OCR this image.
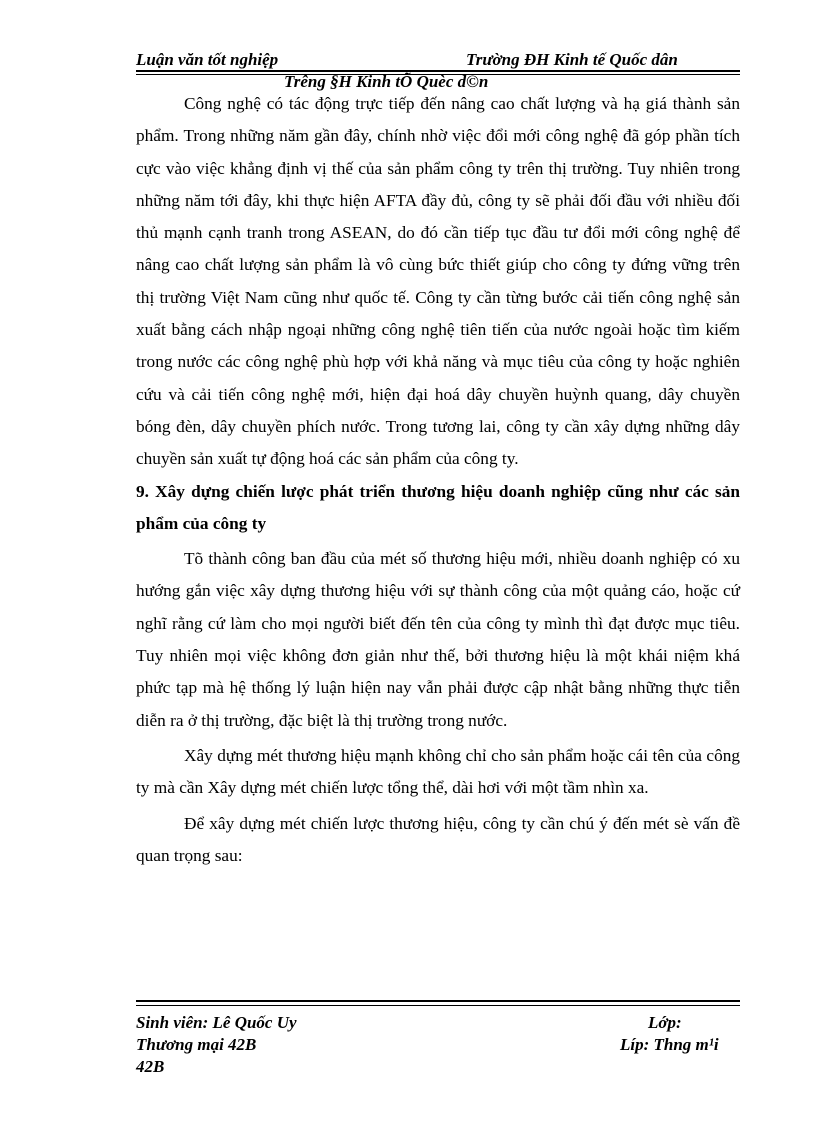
Luận văn tốt nghiệp	Trường ĐH Kinh tế Quốc dân
Trêng §H Kinh tÕ Quèc d©n

Công nghệ có tác động trực tiếp đến nâng cao chất lượng và hạ giá thành sản phẩm. Trong những năm gần đây, chính nhờ việc đổi mới công nghệ đã góp phần tích cực vào việc khẳng định vị thế của sản phẩm công ty trên thị trường. Tuy nhiên trong những năm tới đây, khi thực hiện AFTA đầy đủ, công ty sẽ phải đối đầu với nhiều đối thủ mạnh cạnh tranh trong ASEAN, do đó cần tiếp tục đầu tư đổi mới công nghệ để nâng cao chất lượng sản phẩm là vô cùng bức thiết giúp cho công ty đứng vững trên thị trường Việt Nam cũng như quốc tế. Công ty cần từng bước cải tiến công nghệ sản xuất bằng cách nhập ngoại những công nghệ tiên tiến của nước ngoài hoặc tìm kiếm trong nước các công nghệ phù hợp với khả năng và mục tiêu của công ty hoặc nghiên cứu và cải tiến công nghệ mới, hiện đại hoá dây chuyền huỳnh quang, dây chuyền bóng đèn, dây chuyền phích nước. Trong tương lai, công ty cần xây dựng những dây chuyền sản xuất tự động hoá các sản phẩm của công ty.

9. Xây dựng chiến lược phát triển thương hiệu doanh nghiệp cũng như các sản phẩm của công ty

Tõ thành công ban đầu của mét số thương hiệu mới, nhiều doanh nghiệp có xu hướng gắn việc xây dựng thương hiệu với sự thành công của một quảng cáo, hoặc cứ nghĩ rằng cứ làm cho mọi người biết đến tên của công ty mình thì đạt được mục tiêu. Tuy nhiên mọi việc không đơn giản như thế, bởi thương hiệu là một khái niệm khá phức tạp mà hệ thống lý luận hiện nay vẫn phải được cập nhật bằng những thực tiễn diễn ra ở thị trường, đặc biệt là thị trường trong nước.

Xây dựng mét thương hiệu mạnh không chỉ cho sản phẩm hoặc cái tên của công ty mà cần Xây dựng mét chiến lược tổng thể, dài hơi với một tầm nhìn xa.

Để xây dựng mét chiến lược thương hiệu, công ty cần chú ý đến mét sè vấn đề quan trọng sau:

Sinh viên: Lê Quốc Uy	Lớp:
Thương mại 42B	Líp: Thng m¹i
42B
